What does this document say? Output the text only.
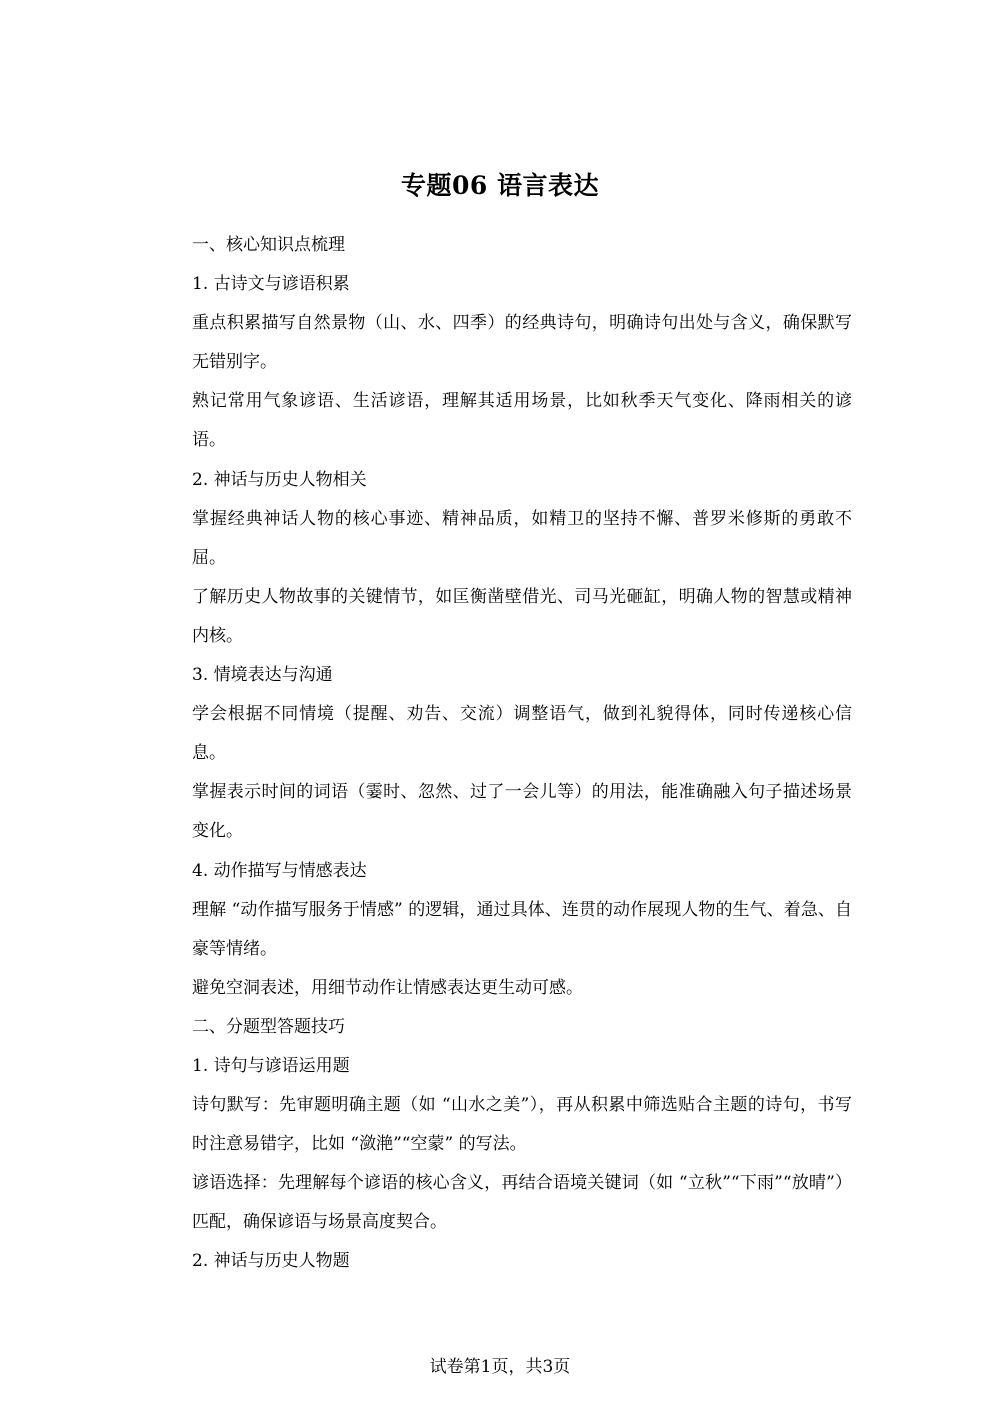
专题06 语言表达

一、核心知识点梳理

1. 古诗文与谚语积累

重点积累描写自然景物（山、水、四季）的经典诗句，明确诗句出处与含义，确保默写无错别字。

熟记常用气象谚语、生活谚语，理解其适用场景，比如秋季天气变化、降雨相关的谚语。

2. 神话与历史人物相关

掌握经典神话人物的核心事迹、精神品质，如精卫的坚持不懈、普罗米修斯的勇敢不屈。

了解历史人物故事的关键情节，如匡衡凿壁借光、司马光砸缸，明确人物的智慧或精神内核。

3. 情境表达与沟通

学会根据不同情境（提醒、劝告、交流）调整语气，做到礼貌得体，同时传递核心信息。

掌握表示时间的词语（霎时、忽然、过了一会儿等）的用法，能准确融入句子描述场景变化。

4. 动作描写与情感表达

理解 “动作描写服务于情感” 的逻辑，通过具体、连贯的动作展现人物的生气、着急、自豪等情绪。

避免空洞表述，用细节动作让情感表达更生动可感。

二、分题型答题技巧

1. 诗句与谚语运用题

诗句默写：先审题明确主题（如 “山水之美”），再从积累中筛选贴合主题的诗句，书写时注意易错字，比如 “潋滟”“空蒙” 的写法。

谚语选择：先理解每个谚语的核心含义，再结合语境关键词（如 “立秋”“下雨”“放晴”）匹配，确保谚语与场景高度契合。

2. 神话与历史人物题

试卷第1页，共3页
